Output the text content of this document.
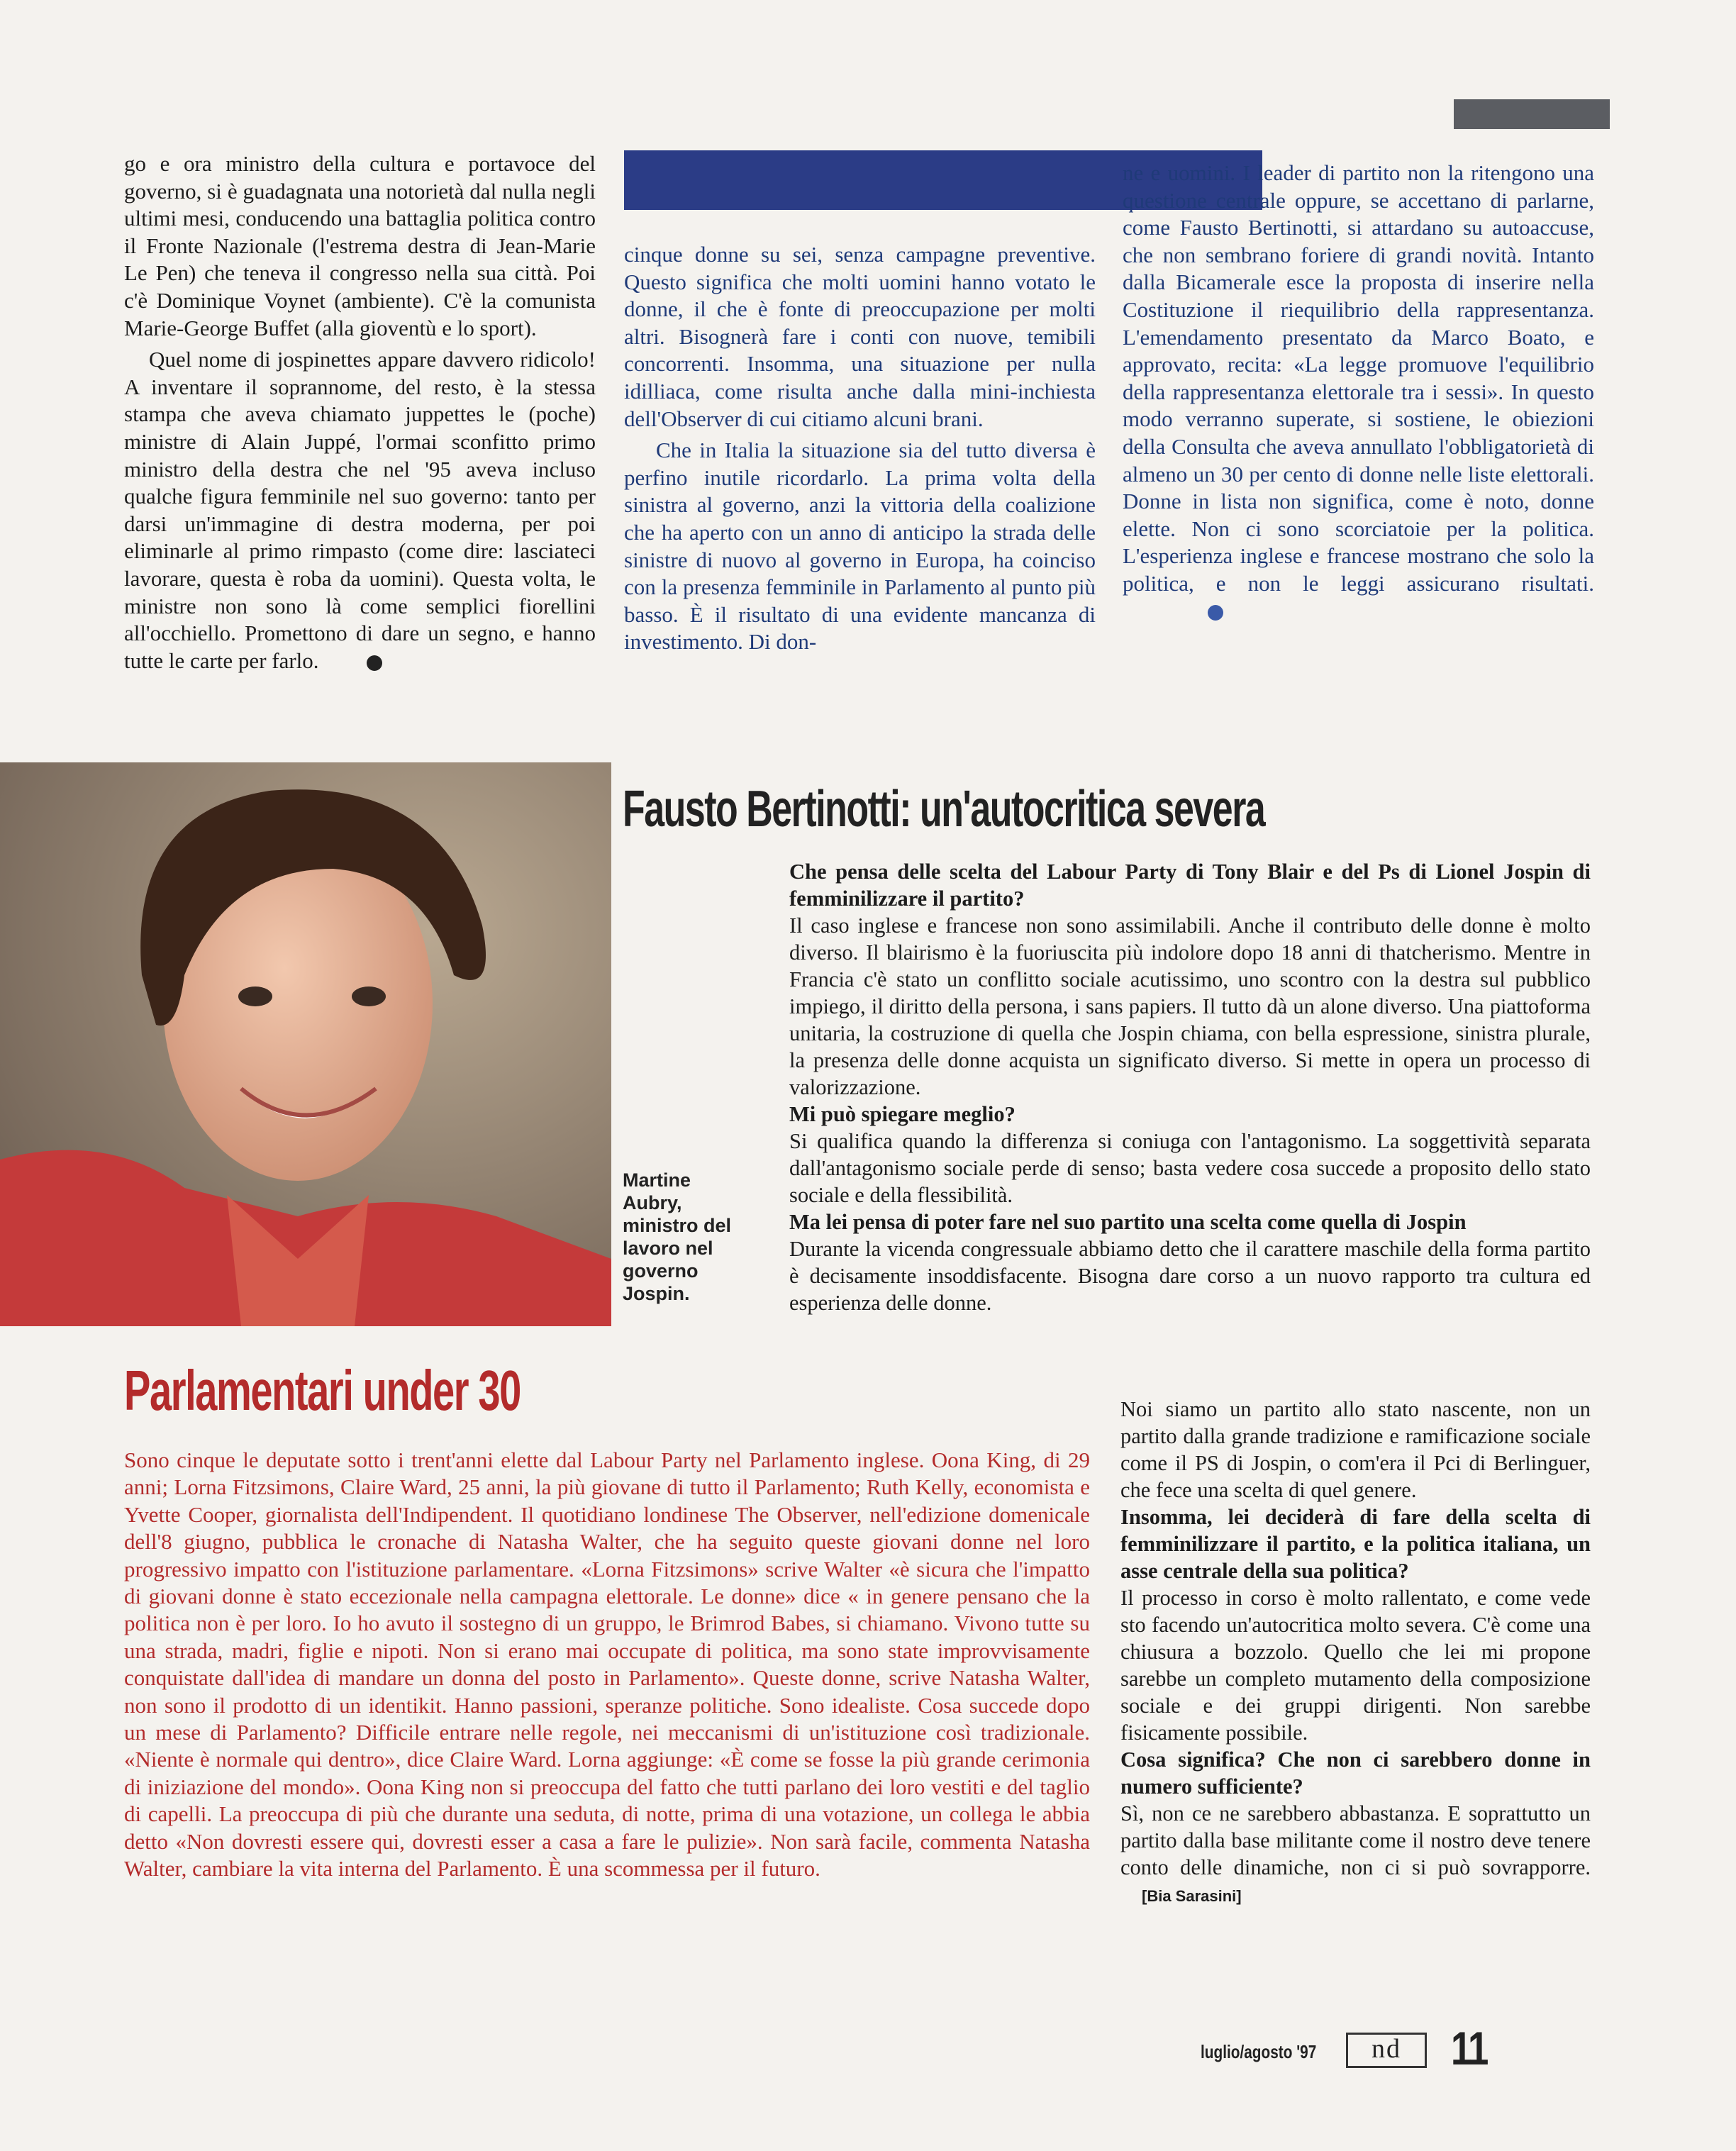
go e ora ministro della cultura e portavoce del governo, si è guadagnata una notorietà dal nulla negli ultimi mesi, conducendo una battaglia politica contro il Fronte Nazionale (l'estrema destra di Jean-Marie Le Pen) che teneva il congresso nella sua città. Poi c'è Dominique Voynet (ambiente). C'è la comunista Marie-George Buffet (alla gioventù e lo sport).

Quel nome di jospinettes appare davvero ridicolo! A inventare il soprannome, del resto, è la stessa stampa che aveva chiamato juppettes le (poche) ministre di Alain Juppé, l'ormai sconfitto primo ministro della destra che nel '95 aveva incluso qualche figura femminile nel suo governo: tanto per darsi un'immagine di destra moderna, per poi eliminarle al primo rimpasto (come dire: lasciateci lavorare, questa è roba da uomini). Questa volta, le ministre non sono là come semplici fiorellini all'occhiello. Promettono di dare un segno, e hanno tutte le carte per farlo.

cinque donne su sei, senza campagne preventive. Questo significa che molti uomini hanno votato le donne, il che è fonte di preoccupazione per molti altri. Bisognerà fare i conti con nuove, temibili concorrenti. Insomma, una situazione per nulla idilliaca, come risulta anche dalla mini-inchiesta dell'Observer di cui citiamo alcuni brani.

Che in Italia la situazione sia del tutto diversa è perfino inutile ricordarlo. La prima volta della sinistra al governo, anzi la vittoria della coalizione che ha aperto con un anno di anticipo la strada delle sinistre di nuovo al governo in Europa, ha coinciso con la presenza femminile in Parlamento al punto più basso. È il risultato di una evidente mancanza di investimento. Di don-

ne e uomini. I leader di partito non la ritengono una questione centrale oppure, se accettano di parlarne, come Fausto Bertinotti, si attardano su autoaccuse, che non sembrano foriere di grandi novità. Intanto dalla Bicamerale esce la proposta di inserire nella Costituzione il riequilibrio della rappresentanza. L'emendamento presentato da Marco Boato, e approvato, recita: «La legge promuove l'equilibrio della rappresentanza elettorale tra i sessi». In questo modo verranno superate, si sostiene, le obiezioni della Consulta che aveva annullato l'obbligatorietà di almeno un 30 per cento di donne nelle liste elettorali. Donne in lista non significa, come è noto, donne elette. Non ci sono scorciatoie per la politica. L'esperienza inglese e francese mostrano che solo la politica, e non le leggi assicurano risultati.

Fausto Bertinotti: un'autocritica severa
Martine Aubry, ministro del lavoro nel governo Jospin.

Che pensa delle scelta del Labour Party di Tony Blair e del Ps di Lionel Jospin di femminilizzare il partito?

Il caso inglese e francese non sono assimilabili. Anche il contributo delle donne è molto diverso. Il blairismo è la fuoriuscita più indolore dopo 18 anni di thatcherismo. Mentre in Francia c'è stato un conflitto sociale acutissimo, uno scontro con la destra sul pubblico impiego, il diritto della persona, i sans papiers. Il tutto dà un alone diverso. Una piattoforma unitaria, la costruzione di quella che Jospin chiama, con bella espressione, sinistra plurale, la presenza delle donne acquista un significato diverso. Si mette in opera un processo di valorizzazione.

Mi può spiegare meglio?

Si qualifica quando la differenza si coniuga con l'antagonismo. La soggettività separata dall'antagonismo sociale perde di senso; basta vedere cosa succede a proposito dello stato sociale e della flessibilità.

Ma lei pensa di poter fare nel suo partito una scelta come quella di Jospin

Durante la vicenda congressuale abbiamo detto che il carattere maschile della forma partito è decisamente insoddisfacente. Bisogna dare corso a un nuovo rapporto tra cultura ed esperienza delle donne.

Noi siamo un partito allo stato nascente, non un partito dalla grande tradizione e ramificazione sociale come il PS di Jospin, o com'era il Pci di Berlinguer, che fece una scelta di quel genere.

Insomma, lei deciderà di fare della scelta di femminilizzare il partito, e la politica italiana, un asse centrale della sua politica?

Il processo in corso è molto rallentato, e come vede sto facendo un'autocritica molto severa. C'è come una chiusura a bozzolo. Quello che lei mi propone sarebbe un completo mutamento della composizione sociale e dei gruppi dirigenti. Non sarebbe fisicamente possibile.

Cosa significa? Che non ci sarebbero donne in numero sufficiente?

Sì, non ce ne sarebbero abbastanza. E soprattutto un partito dalla base militante come il nostro deve tenere conto delle dinamiche, non ci si può sovrapporre. [Bia Sarasini]

Parlamentari under 30

Sono cinque le deputate sotto i trent'anni elette dal Labour Party nel Parlamento inglese. Oona King, di 29 anni; Lorna Fitzsimons, Claire Ward, 25 anni, la più giovane di tutto il Parlamento; Ruth Kelly, economista e Yvette Cooper, giornalista dell'Indipendent. Il quotidiano londinese The Observer, nell'edizione domenicale dell'8 giugno, pubblica le cronache di Natasha Walter, che ha seguito queste giovani donne nel loro progressivo impatto con l'istituzione parlamentare. «Lorna Fitzsimons» scrive Walter «è sicura che l'impatto di giovani donne è stato eccezionale nella campagna elettorale. Le donne» dice « in genere pensano che la politica non è per loro. Io ho avuto il sostegno di un gruppo, le Brimrod Babes, si chiamano. Vivono tutte su una strada, madri, figlie e nipoti. Non si erano mai occupate di politica, ma sono state improvvisamente conquistate dall'idea di mandare un donna del posto in Parlamento». Queste donne, scrive Natasha Walter, non sono il prodotto di un identikit. Hanno passioni, speranze politiche. Sono idealiste. Cosa succede dopo un mese di Parlamento? Difficile entrare nelle regole, nei meccanismi di un'istituzione così tradizionale. «Niente è normale qui dentro», dice Claire Ward. Lorna aggiunge: «È come se fosse la più grande cerimonia di iniziazione del mondo». Oona King non si preoccupa del fatto che tutti parlano dei loro vestiti e del taglio di capelli. La preoccupa di più che durante una seduta, di notte, prima di una votazione, un collega le abbia detto «Non dovresti essere qui, dovresti esser a casa a fare le pulizie». Non sarà facile, commenta Natasha Walter, cambiare la vita interna del Parlamento. È una scommessa per il futuro.

luglio/agosto '97	nd	11
